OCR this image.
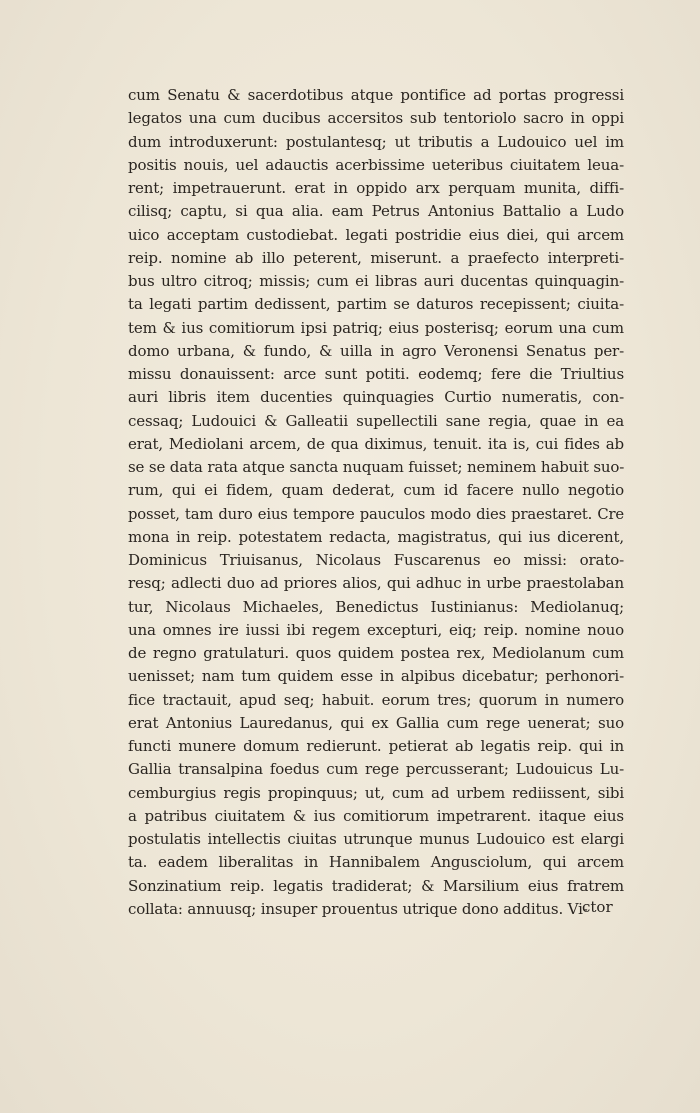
cum Senatu & sacerdotibus atque pontifice ad portas progressi
legatos una cum ducibus accersitos sub tentoriolo sacro in oppi
dum introduxerunt: postulantesq; ut tributis a Ludouico uel im
positis nouis, uel adauctis acerbissime ueteribus ciuitatem leua-
rent; impetrauerunt. erat in oppido arx perquam munita, diffi-
cilisq; captu, si qua alia. eam Petrus Antonius Battalio a Ludo
uico acceptam custodiebat. legati postridie eius diei, qui arcem
reip. nomine ab illo peterent, miserunt. a praefecto interpreti-
bus ultro citroq; missis; cum ei libras auri ducentas quinquagin-
ta legati partim dedissent, partim se daturos recepissent; ciuita-
tem & ius comitiorum ipsi patriq; eius posterisq; eorum una cum
domo urbana, & fundo, & uilla in agro Veronensi Senatus per-
missu donauissent: arce sunt potiti. eodemq; fere die Triultius
auri libris item ducenties quinquagies Curtio numeratis, con-
cessaq; Ludouici & Galleatii supellectili sane regia, quae in ea
erat, Mediolani arcem, de qua diximus, tenuit. ita is, cui fides ab
se se data rata atque sancta nuquam fuisset; neminem habuit suo-
rum, qui ei fidem, quam dederat, cum id facere nullo negotio
posset, tam duro eius tempore pauculos modo dies praestaret. Cre
mona in reip. potestatem redacta, magistratus, qui ius dicerent,
Dominicus Triuisanus, Nicolaus Fuscarenus eo missi: orato-
resq; adlecti duo ad priores alios, qui adhuc in urbe praestolaban
tur, Nicolaus Michaeles, Benedictus Iustinianus: Mediolanuq;
una omnes ire iussi ibi regem excepturi, eiq; reip. nomine nouo
de regno gratulaturi. quos quidem postea rex, Mediolanum cum
uenisset; nam tum quidem esse in alpibus dicebatur; perhonori-
fice tractauit, apud seq; habuit. eorum tres; quorum in numero
erat Antonius Lauredanus, qui ex Gallia cum rege uenerat; suo
functi munere domum redierunt. petierat ab legatis reip. qui in
Gallia transalpina foedus cum rege percusserant; Ludouicus Lu-
cemburgius regis propinquus; ut, cum ad urbem rediissent, sibi
a patribus ciuitatem & ius comitiorum impetrarent. itaque eius
postulatis intellectis ciuitas utrunque munus Ludouico est elargi
ta. eadem liberalitas in Hannibalem Angusciolum, qui arcem
Sonzinatium reip. legatis tradiderat; & Marsilium eius fratrem
collata: annuusq; insuper prouentus utrique dono additus. Vi-
ctor
